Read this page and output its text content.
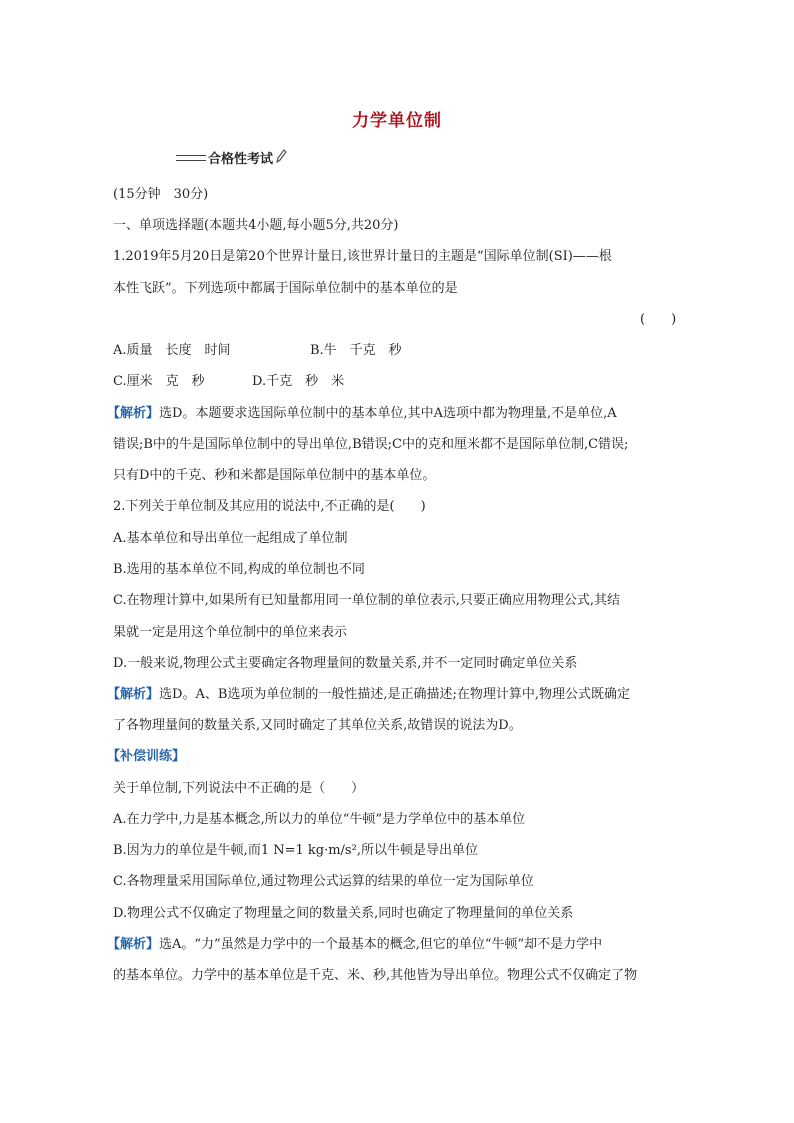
力学单位制
合格性考试
(15分钟　30分)
一、单项选择题(本题共4小题,每小题5分,共20分)
1.2019年5月20日是第20个世界计量日,该世界计量日的主题是“国际单位制(SI)——根
本性飞跃”。下列选项中都属于国际单位制中的基本单位的是
(　　)
A.质量　长度　时间	B.牛　千克　秒
C.厘米　克　秒	D.千克　秒　米
【解析】选D。本题要求选国际单位制中的基本单位,其中A选项中都为物理量,不是单位,A
错误;B中的牛是国际单位制中的导出单位,B错误;C中的克和厘米都不是国际单位制,C错误;
只有D中的千克、秒和米都是国际单位制中的基本单位。
2.下列关于单位制及其应用的说法中,不正确的是(　　)
A.基本单位和导出单位一起组成了单位制
B.选用的基本单位不同,构成的单位制也不同
C.在物理计算中,如果所有已知量都用同一单位制的单位表示,只要正确应用物理公式,其结
果就一定是用这个单位制中的单位来表示
D.一般来说,物理公式主要确定各物理量间的数量关系,并不一定同时确定单位关系
【解析】选D。A、B选项为单位制的一般性描述,是正确描述;在物理计算中,物理公式既确定
了各物理量间的数量关系,又同时确定了其单位关系,故错误的说法为D。
【补偿训练】
关于单位制,下列说法中不正确的是（　　）
A.在力学中,力是基本概念,所以力的单位“牛顿”是力学单位中的基本单位
B.因为力的单位是牛顿,而1 N=1 kg·m/s²,所以牛顿是导出单位
C.各物理量采用国际单位,通过物理公式运算的结果的单位一定为国际单位
D.物理公式不仅确定了物理量之间的数量关系,同时也确定了物理量间的单位关系
【解析】选A。“力”虽然是力学中的一个最基本的概念,但它的单位“牛顿”却不是力学中
的基本单位。力学中的基本单位是千克、米、秒,其他皆为导出单位。物理公式不仅确定了物
